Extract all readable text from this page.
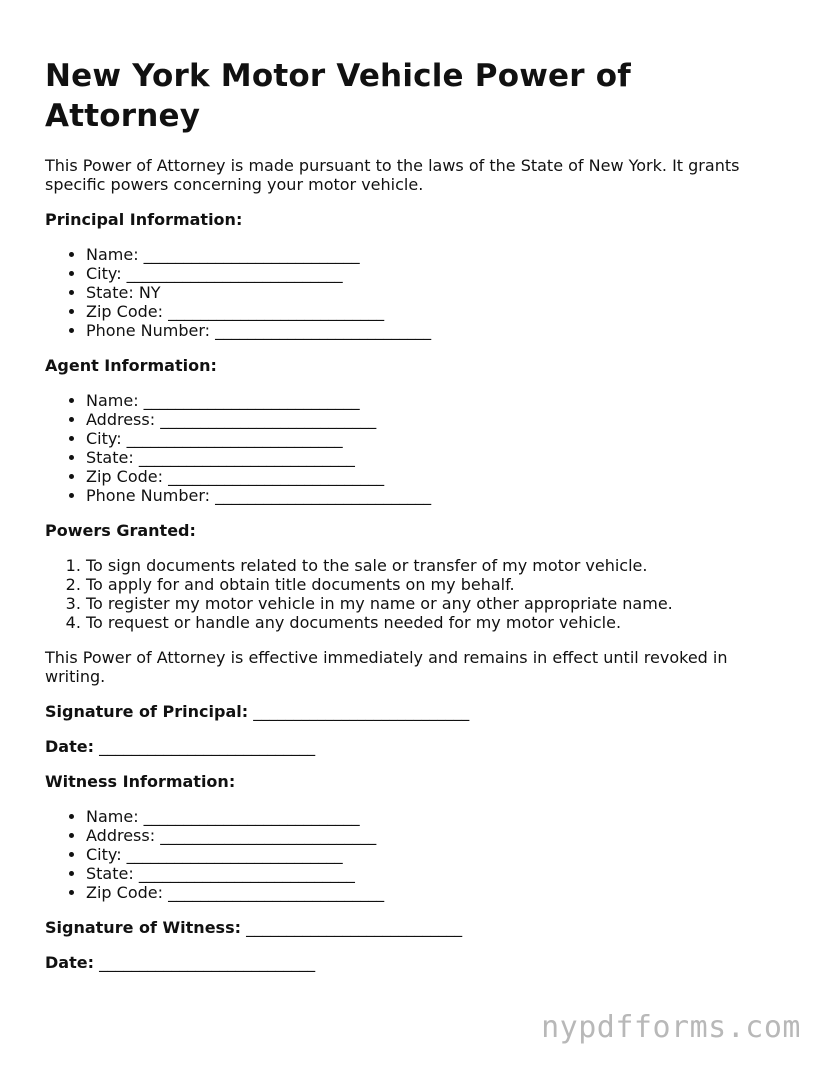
New York Motor Vehicle Power of Attorney

This Power of Attorney is made pursuant to the laws of the State of New York. It grants specific powers concerning your motor vehicle.

Principal Information:
• Name: ___________________________
• City: ___________________________
• State: NY
• Zip Code: ___________________________
• Phone Number: ___________________________
Agent Information:
• Name: ___________________________
• Address: ___________________________
• City: ___________________________
• State: ___________________________
• Zip Code: ___________________________
• Phone Number: ___________________________
Powers Granted:
1. To sign documents related to the sale or transfer of my motor vehicle.
2. To apply for and obtain title documents on my behalf.
3. To register my motor vehicle in my name or any other appropriate name.
4. To request or handle any documents needed for my motor vehicle.

This Power of Attorney is effective immediately and remains in effect until revoked in writing.

Signature of Principal: ___________________________

Date: ___________________________

Witness Information:
• Name: ___________________________
• Address: ___________________________
• City: ___________________________
• State: ___________________________
• Zip Code: ___________________________

Signature of Witness: ___________________________

Date: ___________________________

nypdfforms.com
